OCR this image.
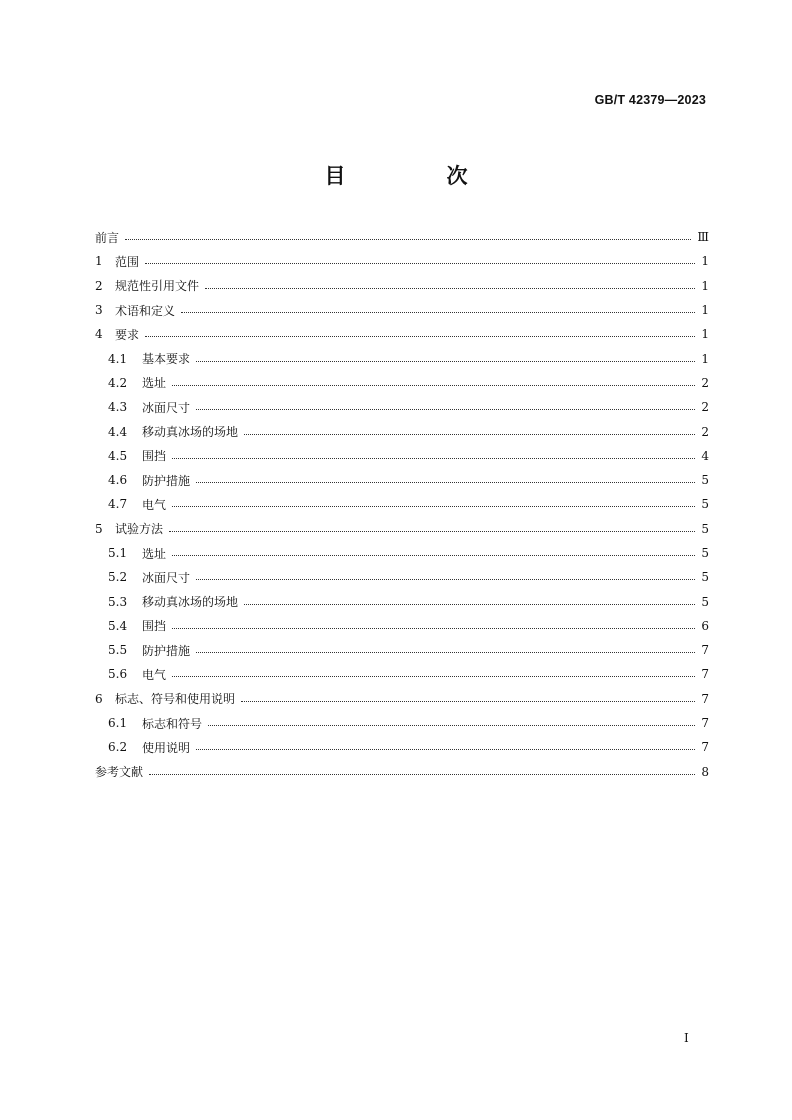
GB/T 42379—2023
目　次
前言	Ⅲ
1	范围	1
2	规范性引用文件	1
3	术语和定义	1
4	要求	1
4.1	基本要求	1
4.2	选址	2
4.3	冰面尺寸	2
4.4	移动真冰场的场地	2
4.5	围挡	4
4.6	防护措施	5
4.7	电气	5
5	试验方法	5
5.1	选址	5
5.2	冰面尺寸	5
5.3	移动真冰场的场地	5
5.4	围挡	6
5.5	防护措施	7
5.6	电气	7
6	标志、符号和使用说明	7
6.1	标志和符号	7
6.2	使用说明	7
参考文献	8
I
